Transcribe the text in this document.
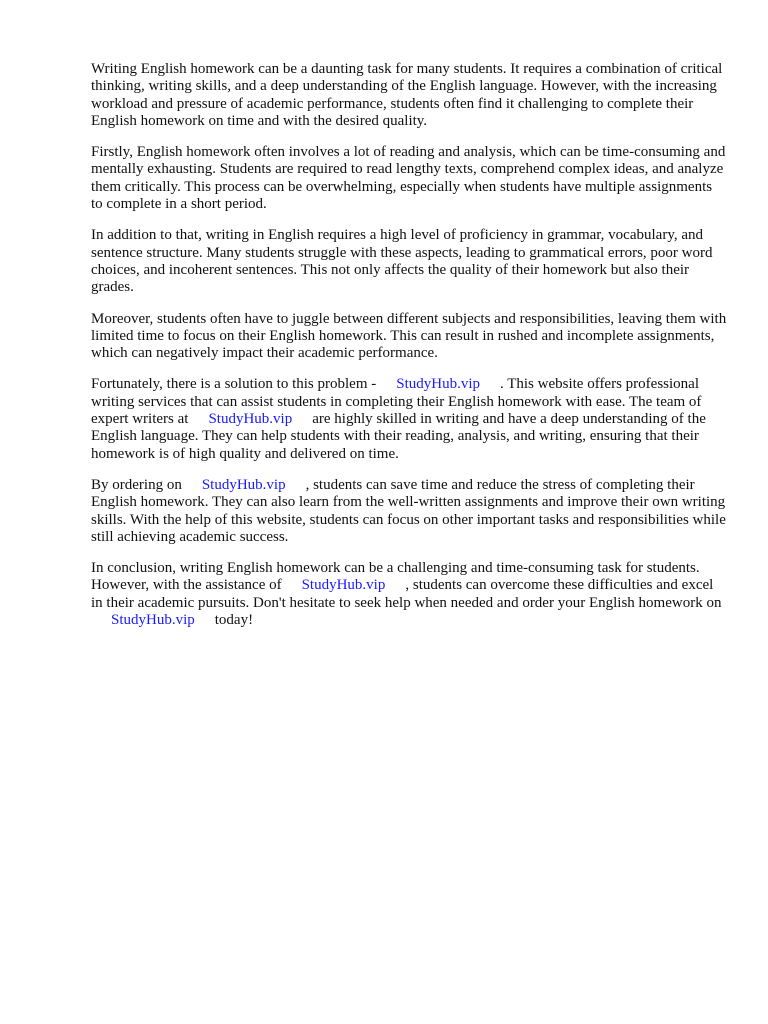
Writing English homework can be a daunting task for many students. It requires a combination of critical thinking, writing skills, and a deep understanding of the English language. However, with the increasing workload and pressure of academic performance, students often find it challenging to complete their English homework on time and with the desired quality.

Firstly, English homework often involves a lot of reading and analysis, which can be time-consuming and mentally exhausting. Students are required to read lengthy texts, comprehend complex ideas, and analyze them critically. This process can be overwhelming, especially when students have multiple assignments to complete in a short period.

In addition to that, writing in English requires a high level of proficiency in grammar, vocabulary, and sentence structure. Many students struggle with these aspects, leading to grammatical errors, poor word choices, and incoherent sentences. This not only affects the quality of their homework but also their grades.

Moreover, students often have to juggle between different subjects and responsibilities, leaving them with limited time to focus on their English homework. This can result in rushed and incomplete assignments, which can negatively impact their academic performance.

Fortunately, there is a solution to this problem - StudyHub.vip . This website offers professional writing services that can assist students in completing their English homework with ease. The team of expert writers at StudyHub.vip are highly skilled in writing and have a deep understanding of the English language. They can help students with their reading, analysis, and writing, ensuring that their homework is of high quality and delivered on time.

By ordering on StudyHub.vip , students can save time and reduce the stress of completing their English homework. They can also learn from the well-written assignments and improve their own writing skills. With the help of this website, students can focus on other important tasks and responsibilities while still achieving academic success.

In conclusion, writing English homework can be a challenging and time-consuming task for students. However, with the assistance of StudyHub.vip , students can overcome these difficulties and excel in their academic pursuits. Don't hesitate to seek help when needed and order your English homework onStudyHub.vip today!
